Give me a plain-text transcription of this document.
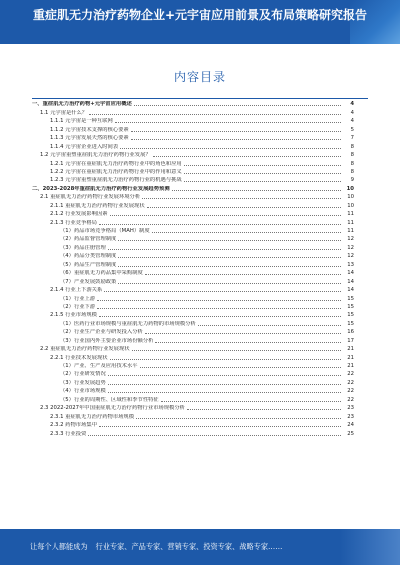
重症肌无力治疗药物企业+元宇宙应用前景及布局策略研究报告
内容目录
一、重症肌无力治疗药物+元宇宙应用概述	4
1.1 元宇宙是什么？	4
1.1.1 元宇宙是一种互联网	4
1.1.2 元宇宙技术支撑的核心要素	5
1.1.3 元宇宙发展天然的核心要素	7
1.1.4 元宇宙企业进入时间表	8
1.2 元宇宙重塑重症肌无力治疗药物行业发展？	8
1.2.1 元宇宙在重症肌无力治疗药物行业中的角色和应用	8
1.2.2 元宇宙在重症肌无力治疗药物行业中的作用和意义	8
1.2.3 元宇宙重塑重症肌无力治疗药物行业的机遇与挑战	9
二、2023-2028年重症肌无力治疗药物行业发展趋势预测	10
2.1 重症肌无力治疗药物行业发展环境分析	10
2.1.1 重症肌无力治疗药物行业发展现状	10
2.1.2 行业发展影响因素	11
2.1.3 行业竞争格局	11
（1）药品市场竞争格局（MAH）制度	11
（2）药品监督管理制度	12
（3）药品注册管理	12
（4）药品分类管理制度	12
（5）药品生产管理制度	13
（6）重症肌无力药品集中采购制度	14
（7）产业发展鼓励政策	14
2.1.4 行业上下游关系	14
（1）行业上游	15
（2）行业下游	15
2.1.5 行业市场规模	15
（1）医药行业市场规模与重症肌无力药物的市场规模分析	15
（2）行业生产企业与研发投入分析	16
（3）行业国内外主要企业市场份额分析	17
2.2 重症肌无力治疗药物行业发展现状	21
2.2.1 行业技术发展现状	21
（1）产业、生产及应用技术水平	21
（2）行业研发情况	22
（3）行业发展趋势	22
（4）行业市场规模	22
（5）行业的周期性、区域性和季节性特征	22
2.3 2022-2027年中国重症肌无力治疗药物行业市场规模分析	23
2.3.1 重症肌无力治疗药物市场规模	23
2.3.2 药物市场集中	24
2.3.3 行业投资	25
让每个人都能成为	行业专家、产品专家、营销专家、投资专家、战略专家……
